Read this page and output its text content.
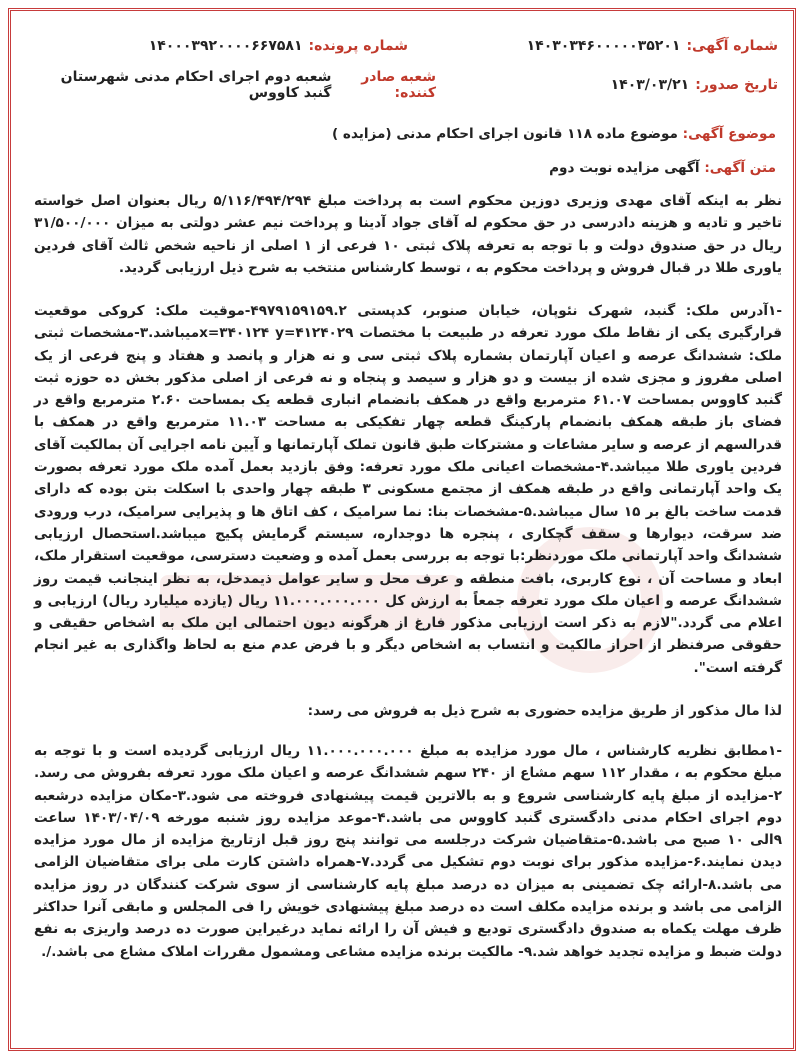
شماره آگهی:
۱۴۰۳۰۳۴۶۰۰۰۰۰۳۵۲۰۱
شماره پرونده:
۱۴۰۰۰۳۹۲۰۰۰۰۶۶۷۵۸۱
تاریخ صدور:
۱۴۰۳/۰۳/۲۱
شعبه صادر کننده:
شعبه دوم اجرای احکام مدنی شهرستان گنبد کاووس
موضوع آگهی: موضوع ماده ۱۱۸ قانون اجرای احکام مدنی (مزایده )
متن آگهی: آگهی مزایده نوبت دوم
نظر به اینکه آقای مهدی وزیری دوزین محکوم است به پرداخت مبلغ ۵/۱۱۶/۴۹۴/۲۹۴ ریال بعنوان اصل خواسته تاخیر و تادیه و هزینه دادرسی در حق محکوم له آقای جواد آدینا و پرداخت نیم عشر دولتی به میزان ۳۱/۵۰۰/۰۰۰ ریال در حق صندوق دولت و با توجه به تعرفه پلاک ثبتی ۱۰ فرعی از ۱ اصلی از ناحیه شخص ثالث آقای فردین یاوری طلا در قبال فروش و پرداخت محکوم به ، توسط کارشناس منتخب به شرح ذیل ارزیابی گردید.
-۱آدرس ملک: گنبد، شهرک نئوپان، خیابان صنوبر، کدپستی ۴۹۷۹۱۵۹۱۵۹.۲-موقیت ملک: کروکی موقعیت قرارگیری یکی از نقاط ملک مورد تعرفه در طبیعت با مختصات x=۳۴۰۱۲۴ y=۴۱۲۴۰۲۹میباشد.۳-مشخصات ثبتی ملک: ششدانگ عرصه و اعیان آپارتمان بشماره پلاک ثبتی سی و نه هزار و پانصد و هفتاد و پنج فرعی از یک اصلی مفروز و مجزی شده از بیست و دو هزار و سیصد و پنجاه و نه فرعی از اصلی مذکور بخش ده حوزه ثبت گنبد کاووس بمساحت ۶۱.۰۷ مترمربع واقع در همکف بانضمام انباری قطعه یک بمساحت ۲.۶۰ مترمربع واقع در فضای باز طبقه همکف بانضمام پارکینگ قطعه چهار تفکیکی به مساحت ۱۱.۰۳ مترمربع واقع در همکف با قدرالسهم از عرصه و سایر مشاعات و مشترکات طبق قانون تملک آپارتمانها و آیین نامه اجرایی آن بمالکیت آقای فردین یاوری طلا میباشد.۴-مشخصات اعیانی ملک مورد تعرفه: وفق بازدید بعمل آمده ملک مورد تعرفه بصورت یک واحد آپارتمانی واقع در طبقه همکف از مجتمع مسکونی ۳ طبقه چهار واحدی با اسکلت بتن بوده که دارای قدمت ساخت بالغ بر ۱۵ سال میباشد.۵-مشخصات بنا: نما سرامیک ، کف اتاق ها و پذیرایی سرامیک، درب ورودی ضد سرقت، دیوارها و سقف گچکاری ، پنجره ها دوجداره، سیستم گرمایش پکیج میباشد.استحصال ارزیابی ششدانگ واحد آپارتمانی ملک موردنظر:با توجه به بررسی بعمل آمده و وضعیت دسترسی، موقعیت استقرار ملک، ابعاد و مساحت آن ، نوع کاربری، بافت منطقه و عرف محل و سایر عوامل ذیمدخل، به نظر اینجانب قیمت روز ششدانگ عرصه و اعیان ملک مورد تعرفه جمعاً به ارزش کل ۱۱.۰۰۰.۰۰۰.۰۰۰ ریال (یازده میلیارد ریال) ارزیابی و اعلام می گردد."لازم به ذکر است ارزیابی مذکور فارغ از هرگونه دیون احتمالی این ملک به اشخاص حقیقی و حقوقی صرفنظر از احراز مالکیت و انتساب به اشخاص دیگر و با فرض عدم منع به لحاظ واگذاری به غیر انجام گرفته است".
لذا مال مذکور از طریق مزایده حضوری به شرح ذیل به فروش می رسد:
-۱مطابق نظریه کارشناس ، مال مورد مزایده به مبلغ ۱۱.۰۰۰.۰۰۰.۰۰۰ ریال ارزیابی گردیده است و با توجه به مبلغ محکوم به ، مقدار ۱۱۲ سهم مشاع از ۲۴۰ سهم ششدانگ عرصه و اعیان ملک مورد تعرفه بفروش می رسد. ۲-مزایده از مبلغ پایه کارشناسی شروع و به بالاترین قیمت پیشنهادی فروخته می شود.۳-مکان مزایده درشعبه دوم اجرای احکام مدنی دادگستری گنبد کاووس می باشد.۴-موعد مزایده روز شنبه مورخه ۱۴۰۳/۰۴/۰۹ ساعت ۹الی ۱۰ صبح می باشد.۵-متقاضیان شرکت درجلسه می توانند پنج روز قبل ازتاریخ مزایده از مال مورد مزایده دیدن نمایند.۶-مزایده مذکور برای نوبت دوم تشکیل می گردد.۷-همراه داشتن کارت ملی برای متقاضیان الزامی می باشد.۸-ارائه چک تضمینی به میزان ده درصد مبلغ پایه کارشناسی از سوی شرکت کنندگان در روز مزایده الزامی می باشد و برنده مزایده مکلف است ده درصد مبلغ پیشنهادی خویش را فی المجلس و مابقی آنرا حداکثر ظرف مهلت یکماه به صندوق دادگستری تودیع و فیش آن را ارائه نماید درغیراین صورت ده درصد واریزی به نفع دولت ضبط و مزایده تجدید خواهد شد.۹- مالکیت برنده مزایده مشاعی ومشمول مقررات املاک مشاع می باشد./.
